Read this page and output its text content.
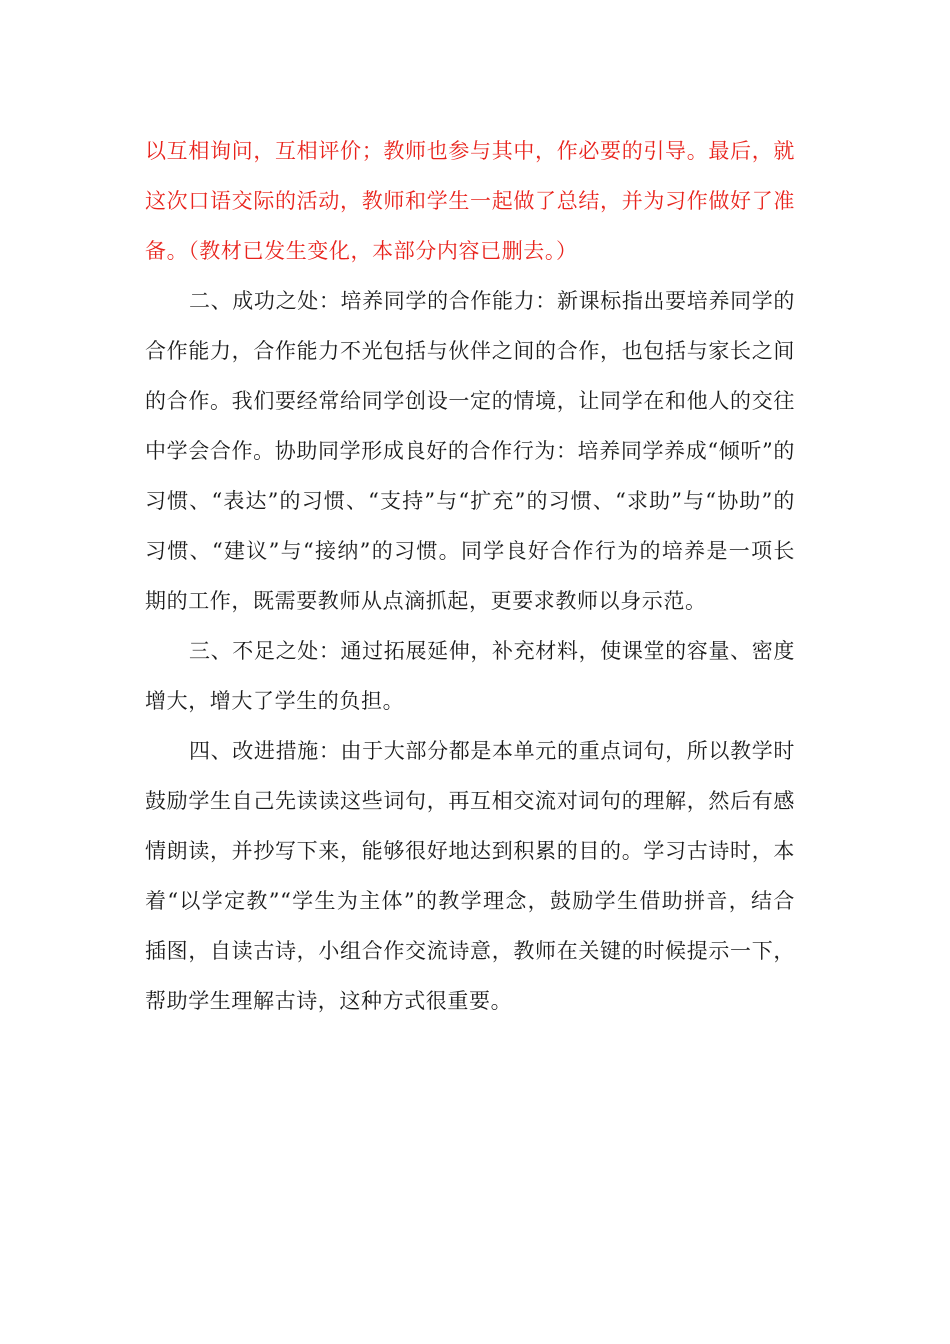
以互相询问，互相评价；教师也参与其中，作必要的引导。最后，就这次口语交际的活动，教师和学生一起做了总结，并为习作做好了准备。（教材已发生变化，本部分内容已删去。）

二、成功之处：培养同学的合作能力：新课标指出要培养同学的合作能力，合作能力不光包括与伙伴之间的合作，也包括与家长之间的合作。我们要经常给同学创设一定的情境，让同学在和他人的交往中学会合作。协助同学形成良好的合作行为：培养同学养成“倾听”的习惯、“表达”的习惯、“支持”与“扩充”的习惯、“求助”与“协助”的习惯、“建议”与“接纳”的习惯。同学良好合作行为的培养是一项长期的工作，既需要教师从点滴抓起，更要求教师以身示范。

三、不足之处：通过拓展延伸，补充材料，使课堂的容量、密度增大，增大了学生的负担。

四、改进措施：由于大部分都是本单元的重点词句，所以教学时鼓励学生自己先读读这些词句，再互相交流对词句的理解，然后有感情朗读，并抄写下来，能够很好地达到积累的目的。学习古诗时，本着“以学定教”“学生为主体”的教学理念，鼓励学生借助拼音，结合插图，自读古诗，小组合作交流诗意，教师在关键的时候提示一下，帮助学生理解古诗，这种方式很重要。
